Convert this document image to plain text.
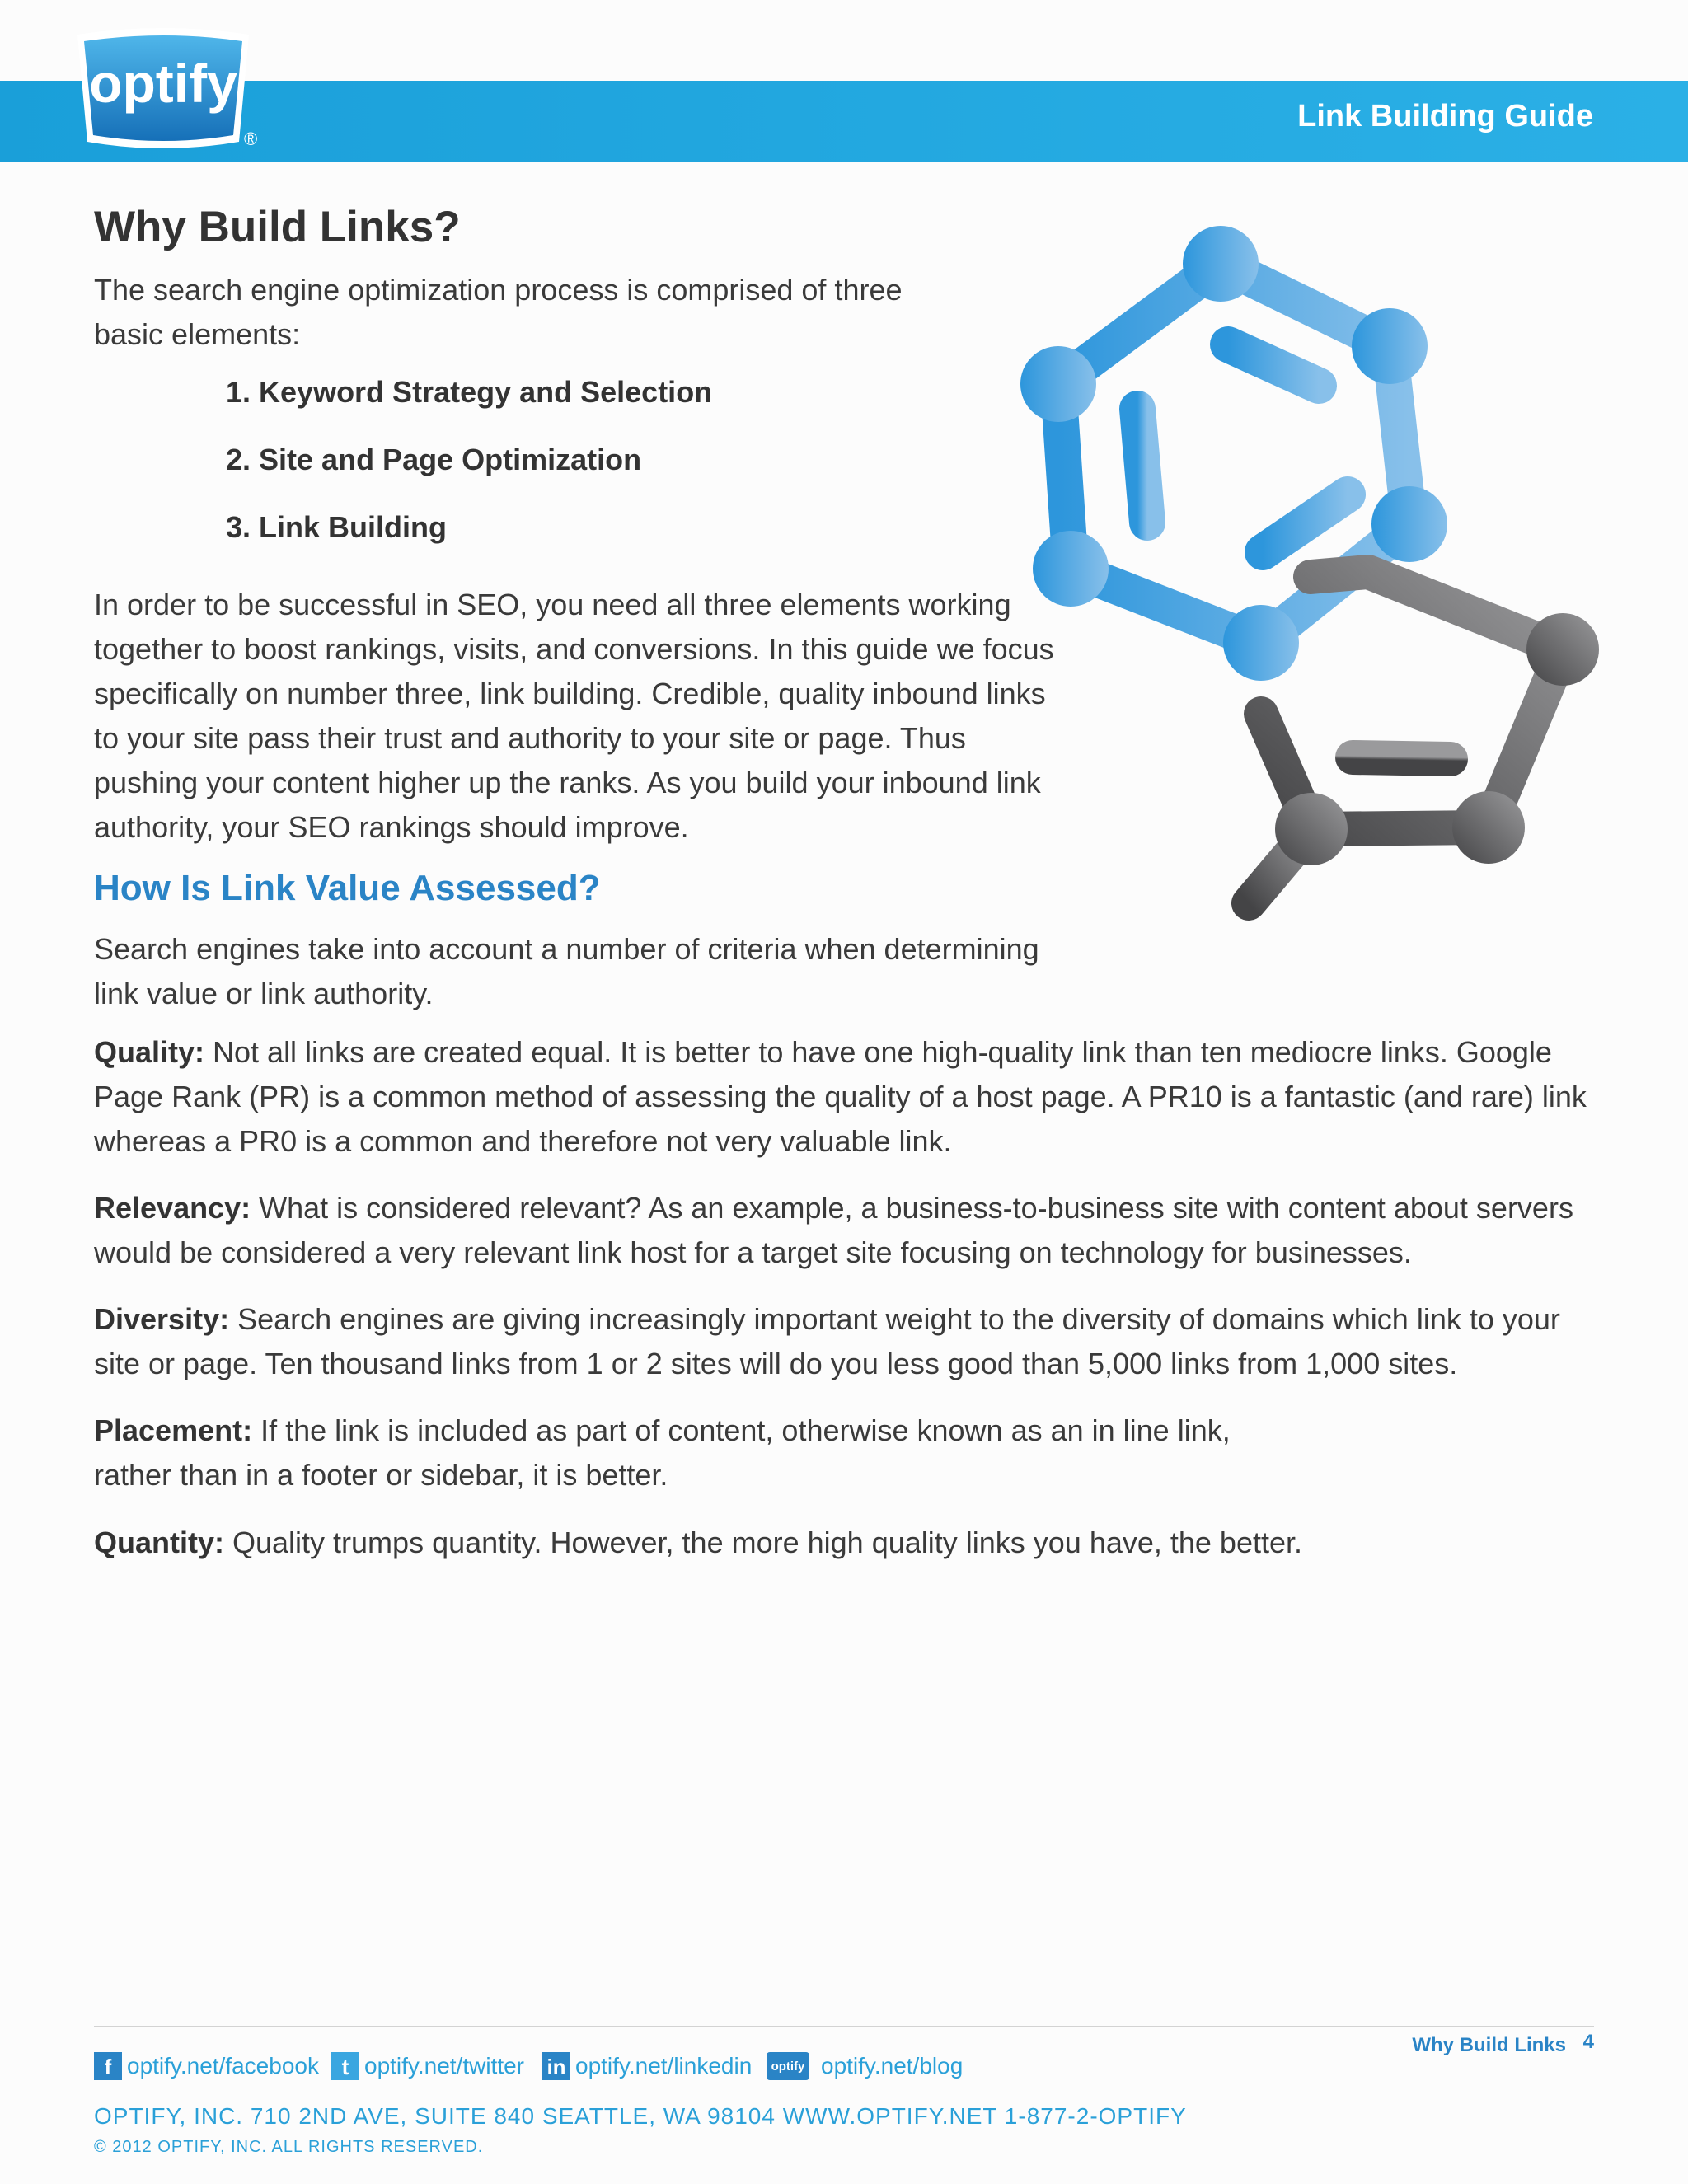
optify
®
Link Building Guide
Why Build Links?

The search engine optimization process is comprised of three basic elements:

1. Keyword Strategy and Selection
2. Site and Page Optimization
3. Link Building

In order to be successful in SEO, you need all three elements working together to boost rankings, visits, and conversions. In this guide we focus specifically on number three, link building. Credible, quality inbound links to your site pass their trust and authority to your site or page. Thus pushing your content higher up the ranks. As you build your inbound link authority, your SEO rankings should improve.

How Is Link Value Assessed?

Search engines take into account a number of criteria when determining link value or link authority.

Quality: Not all links are created equal. It is better to have one high-quality link than ten mediocre links. Google Page Rank (PR) is a common method of assessing the quality of a host page. A PR10 is a fantastic (and rare) link whereas a PR0 is a common and therefore not very valuable link.
Relevancy: What is considered relevant? As an example, a business-to-business site with content about servers would be considered a very relevant link host for a target site focusing on technology for businesses.
Diversity: Search engines are giving increasingly important weight to the diversity of domains which link to your site or page. Ten thousand links from 1 or 2 sites will do you less good than 5,000 links from 1,000 sites.
Placement: If the link is included as part of content, otherwise known as an in line link, rather than in a footer or sidebar, it is better.
Quantity: Quality trumps quantity. However, the more high quality links you have, the better.
Why Build Links 4
f optify.net/facebook	t optify.net/twitter in optify.net/linkedin	optify optify.net/blog
OPTIFY, INC. 710 2ND AVE, SUITE 840 SEATTLE, WA 98104 WWW.OPTIFY.NET 1-877-2-OPTIFY
© 2012 OPTIFY, INC. ALL RIGHTS RESERVED.
